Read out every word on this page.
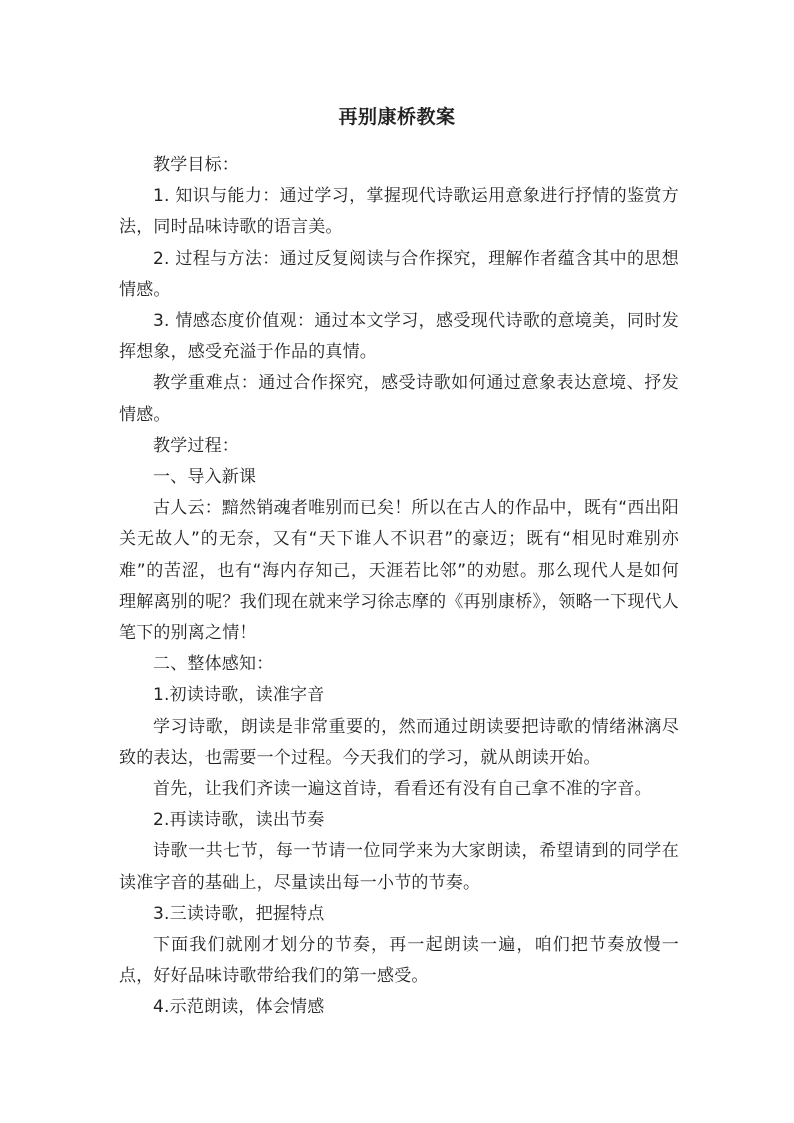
再别康桥教案

教学目标：

1. 知识与能力：通过学习，掌握现代诗歌运用意象进行抒情的鉴赏方法，同时品味诗歌的语言美。

2. 过程与方法：通过反复阅读与合作探究，理解作者蕴含其中的思想情感。

3. 情感态度价值观：通过本文学习，感受现代诗歌的意境美，同时发挥想象，感受充溢于作品的真情。

教学重难点：通过合作探究，感受诗歌如何通过意象表达意境、抒发情感。

教学过程：

一、导入新课

古人云：黯然销魂者唯别而已矣！所以在古人的作品中，既有“西出阳关无故人”的无奈，又有“天下谁人不识君”的豪迈；既有“相见时难别亦难”的苦涩，也有“海内存知己，天涯若比邻”的劝慰。那么现代人是如何理解离别的呢？我们现在就来学习徐志摩的《再别康桥》，领略一下现代人笔下的别离之情！

二、整体感知：

1.初读诗歌，读准字音

学习诗歌，朗读是非常重要的，然而通过朗读要把诗歌的情绪淋漓尽致的表达，也需要一个过程。今天我们的学习，就从朗读开始。

首先，让我们齐读一遍这首诗，看看还有没有自己拿不准的字音。

2.再读诗歌，读出节奏

诗歌一共七节，每一节请一位同学来为大家朗读，希望请到的同学在读准字音的基础上，尽量读出每一小节的节奏。

3.三读诗歌，把握特点

下面我们就刚才划分的节奏，再一起朗读一遍，咱们把节奏放慢一点，好好品味诗歌带给我们的第一感受。

4.示范朗读，体会情感
